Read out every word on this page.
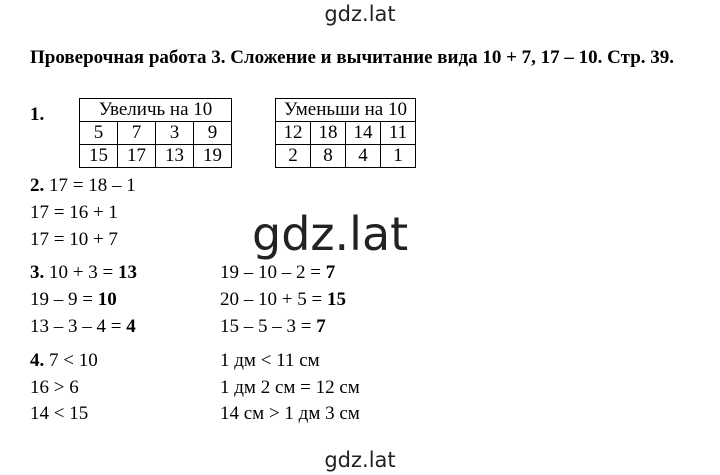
gdz.lat
Проверочная работа 3. Сложение и вычитание вида 10 + 7, 17 – 10. Стр. 39.
1.	Увеличь на 10			
5	7	3	9
15	17	13	19
Уменьши на 10			
12	18	14	11
2	8	4	1
2. 17 = 18 – 1
17 = 16 + 1
17 = 10 + 7	gdz.lat
3. 10 + 3 = 13
19 – 9 = 10
13 – 3 – 4 = 4
19 – 10 – 2 = 7
20 – 10 + 5 = 15
15 – 5 – 3 = 7
4. 7 < 10
16 > 6
14 < 15
1 дм < 11 см
1 дм 2 см = 12 см
14 см > 1 дм 3 см
gdz.lat
